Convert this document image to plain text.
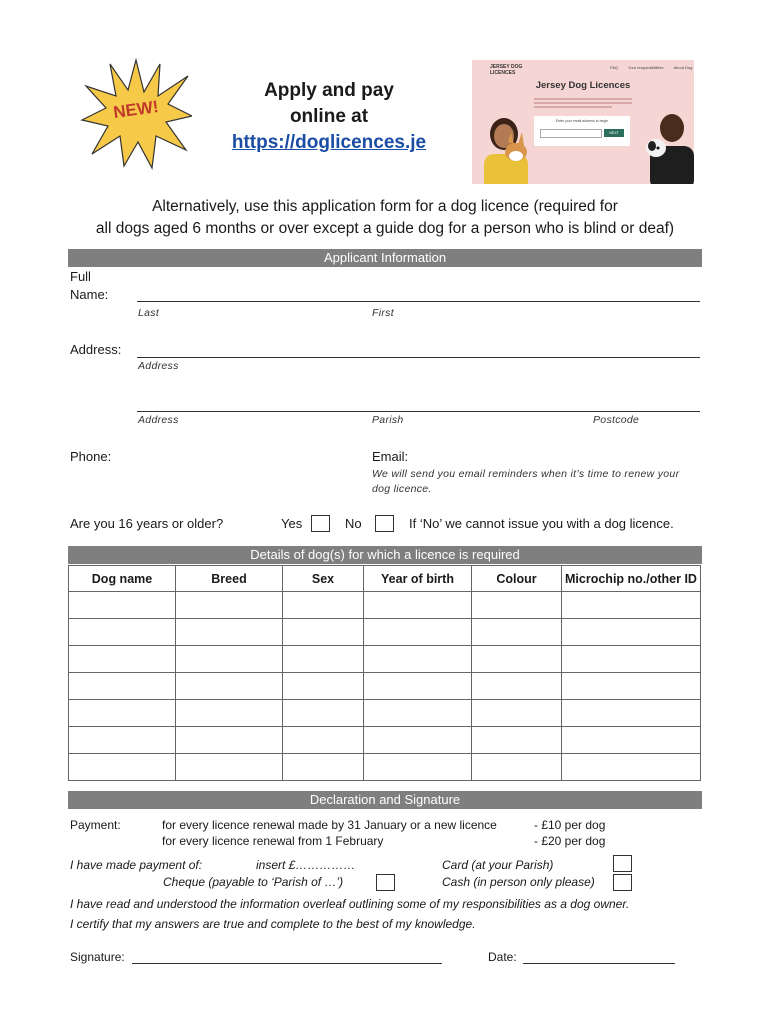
NEW!
Apply and pay
online at
https://doglicences.je
JERSEY DOG
LICENCES
FAQ	Your responsibilities	About Dog
Jersey Dog Licences
Enter your email address to begin
NEXT
Alternatively, use this application form for a dog licence (required for
all dogs aged 6 months or over except a guide dog for a person who is blind or deaf)
Applicant Information
Full
Name:
Last	First
Address:
Address
Address	Parish	Postcode
Phone:	Email:
We will send you email reminders when it’s time to renew your
dog licence.
Are you 16 years or older?	Yes	No	If ‘No’ we cannot issue you with a dog licence.
Details of dog(s) for which a licence is required
Dog name	Breed	Sex	Year of birth	Colour	Microchip no./other ID

Declaration and Signature
Payment:	for every licence renewal made by 31 January or a new licence	- £10 per dog
for every licence renewal from 1 February	- £20 per dog
I have made payment of:	insert £……………	Card (at your Parish)
Cheque (payable to ‘Parish of …’)	Cash (in person only please)
I have read and understood the information overleaf outlining some of my responsibilities as a dog owner.
I certify that my answers are true and complete to the best of my knowledge.
Signature:	Date:
